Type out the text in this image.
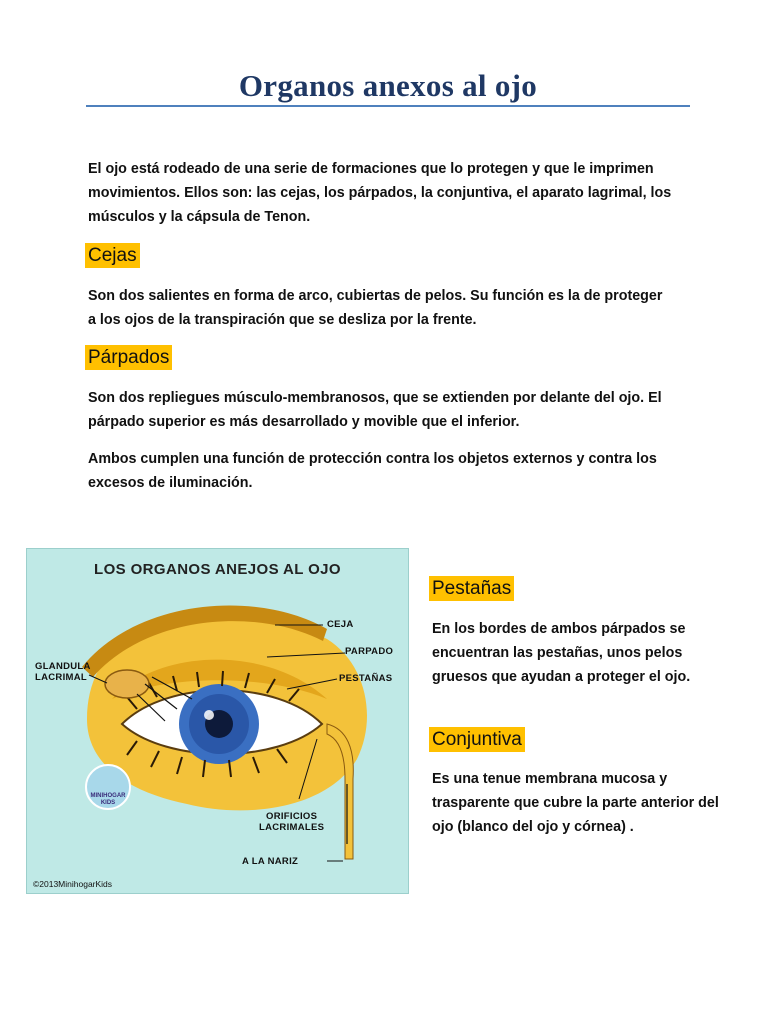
Organos anexos al ojo
El ojo está rodeado de una serie de formaciones que lo protegen y que le imprimen movimientos. Ellos son: las cejas, los párpados, la conjuntiva, el aparato lagrimal, los músculos y la cápsula de Tenon.
Cejas
Son dos salientes en forma de arco, cubiertas de pelos. Su función es la de proteger a los ojos de la transpiración que se desliza por la frente.
Párpados
Son dos repliegues músculo-membranosos, que se extienden por delante del ojo. El párpado superior es más desarrollado y movible que el inferior.
Ambos cumplen una función de protección contra los objetos externos y contra los excesos de iluminación.
LOS ORGANOS ANEJOS AL OJO
CEJA
PARPADO
GLANDULA
LACRIMAL	PESTAÑAS
ORIFICIOS
LACRIMALES
A LA NARIZ
MINIHOGAR
KIDS
©2013MinihogarKids
Pestañas
En los bordes de ambos párpados se encuentran las pestañas, unos pelos gruesos que ayudan a proteger el ojo.
Conjuntiva
Es una tenue membrana mucosa y trasparente que cubre la parte anterior del ojo (blanco del ojo y córnea) .
